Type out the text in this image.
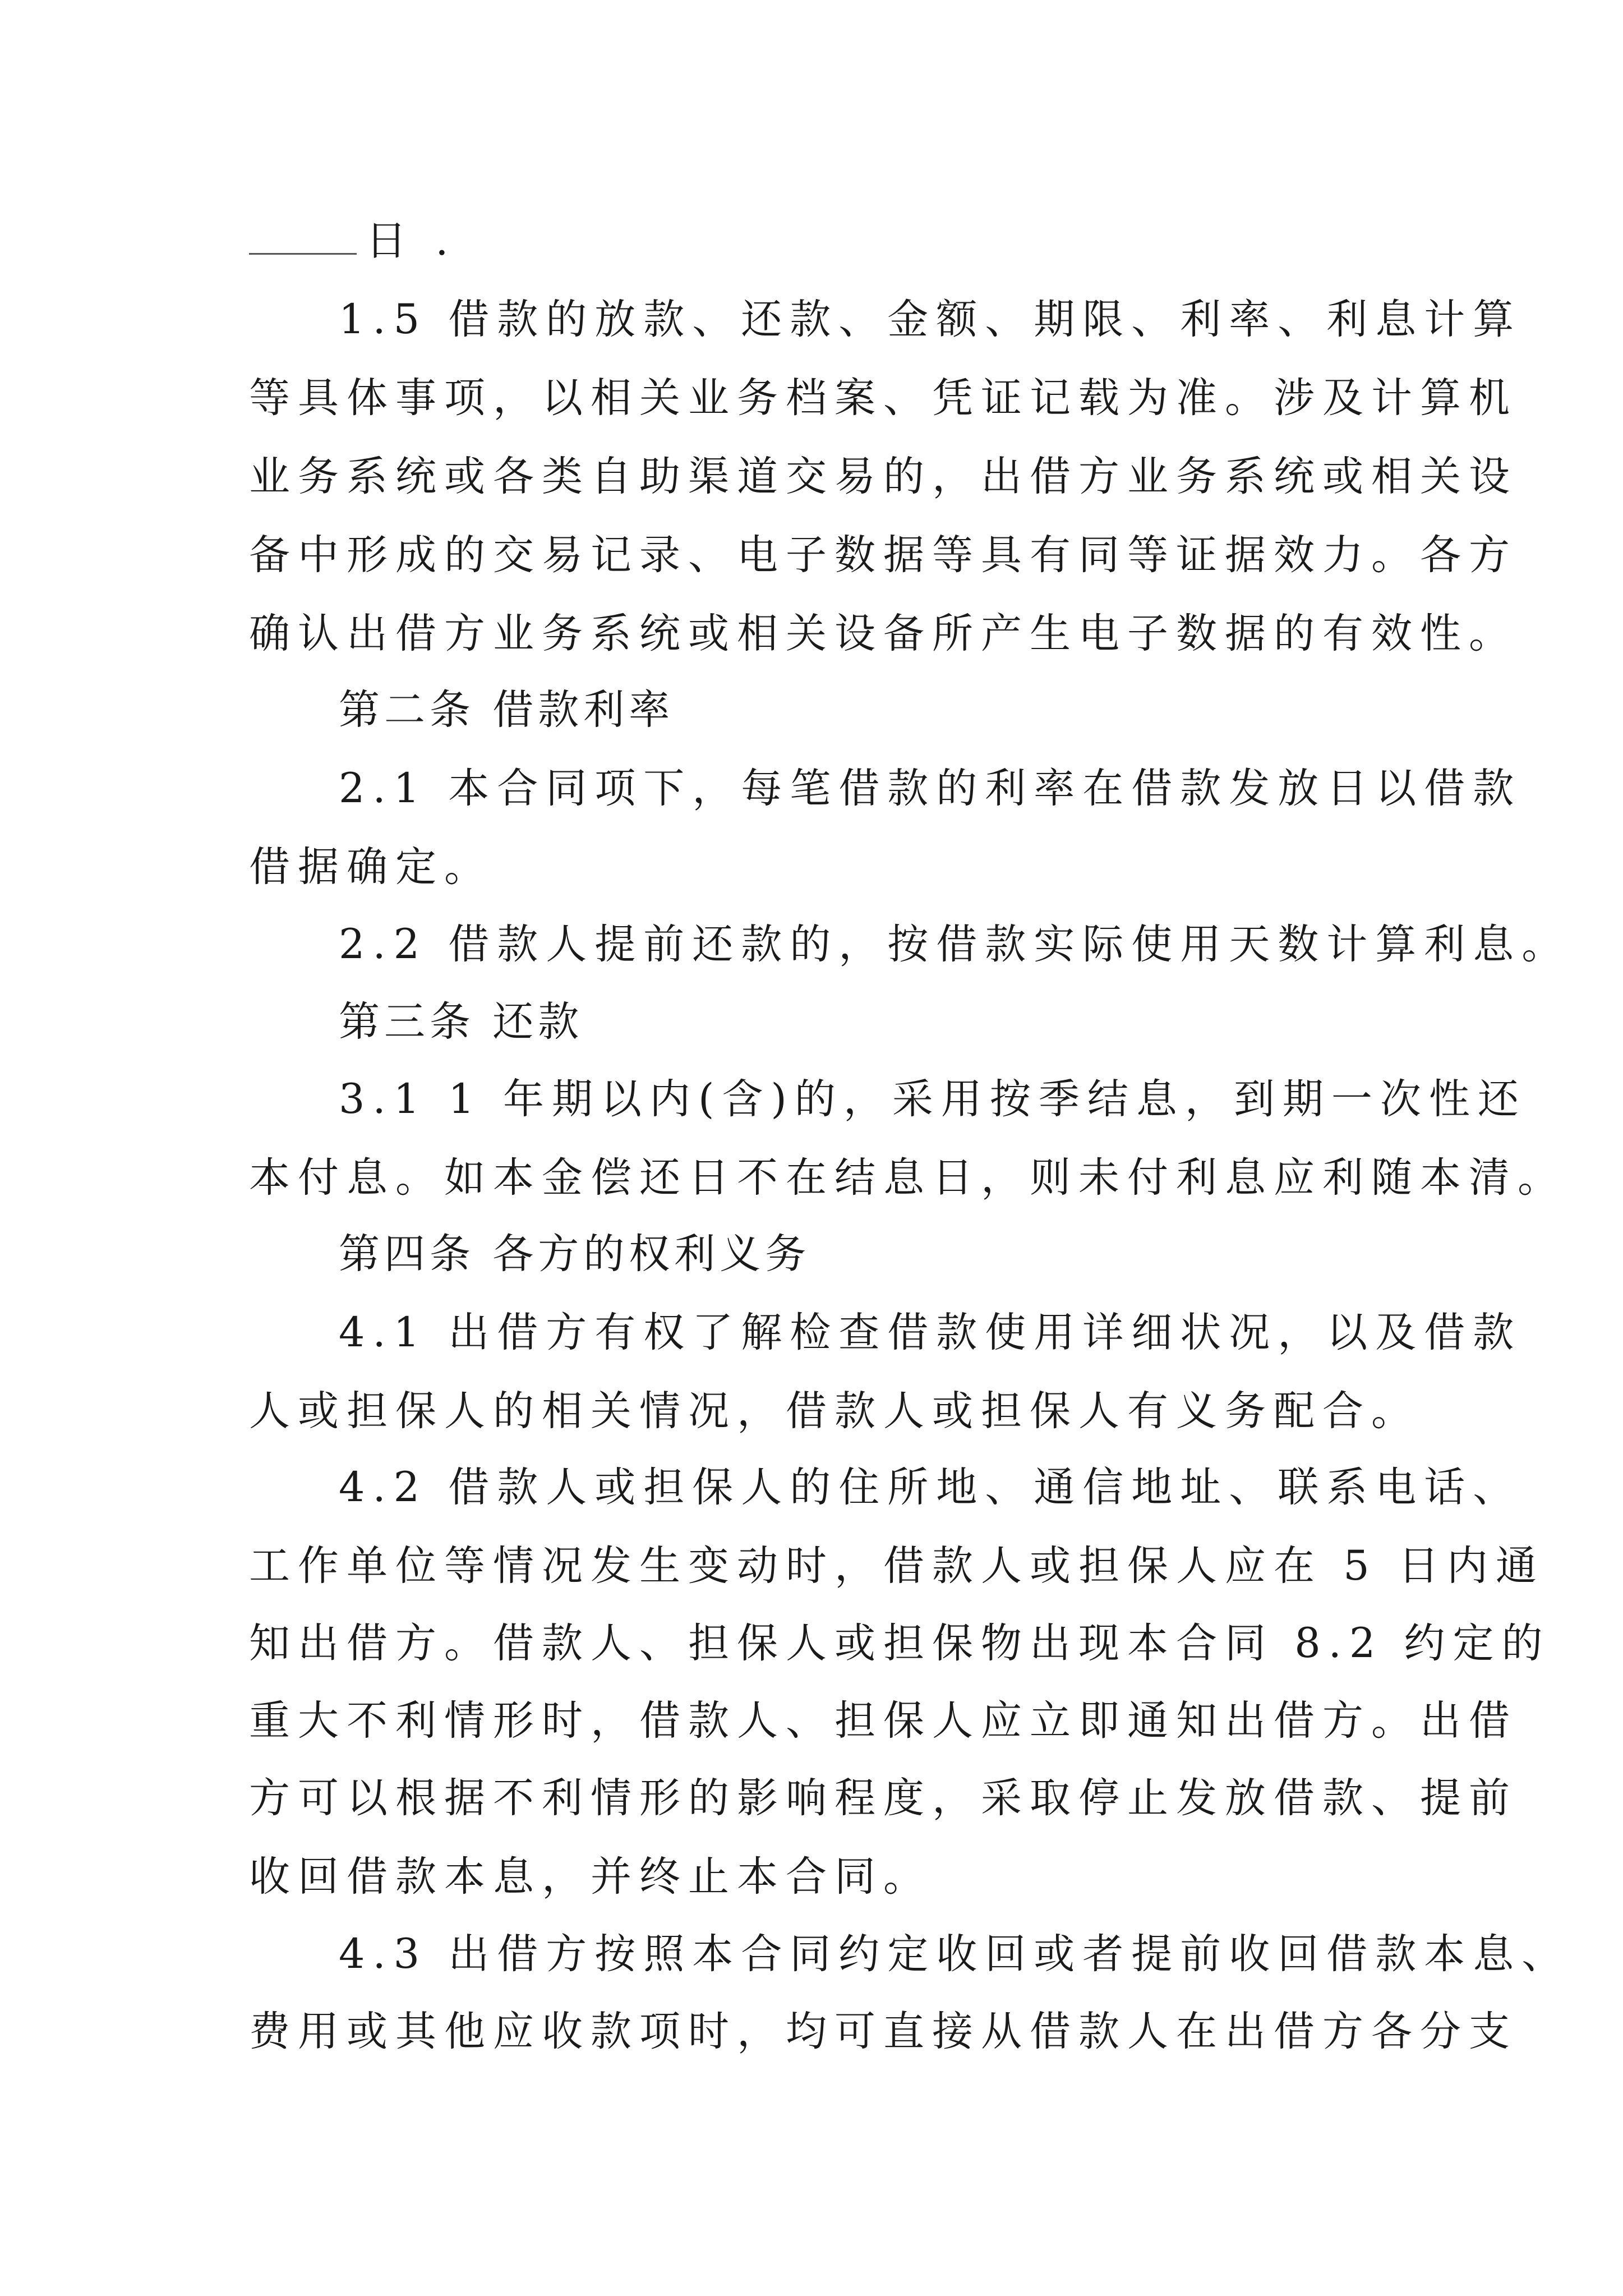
日 .
1.5 借款的放款、还款、金额、期限、利率、利息计算
等具体事项，以相关业务档案、凭证记载为准。涉及计算机
业务系统或各类自助渠道交易的，出借方业务系统或相关设
备中形成的交易记录、电子数据等具有同等证据效力。各方
确认出借方业务系统或相关设备所产生电子数据的有效性。
第二条 借款利率
2.1 本合同项下，每笔借款的利率在借款发放日以借款
借据确定。
2.2 借款人提前还款的，按借款实际使用天数计算利息。
第三条 还款
3.1 1 年期以内(含)的，采用按季结息，到期一次性还
本付息。如本金偿还日不在结息日，则未付利息应利随本清。
第四条 各方的权利义务
4.1 出借方有权了解检查借款使用详细状况，以及借款
人或担保人的相关情况，借款人或担保人有义务配合。
4.2 借款人或担保人的住所地、通信地址、联系电话、
工作单位等情况发生变动时，借款人或担保人应在 5 日内通
知出借方。借款人、担保人或担保物出现本合同 8.2 约定的
重大不利情形时，借款人、担保人应立即通知出借方。出借
方可以根据不利情形的影响程度，采取停止发放借款、提前
收回借款本息，并终止本合同。
4.3 出借方按照本合同约定收回或者提前收回借款本息、
费用或其他应收款项时，均可直接从借款人在出借方各分支
